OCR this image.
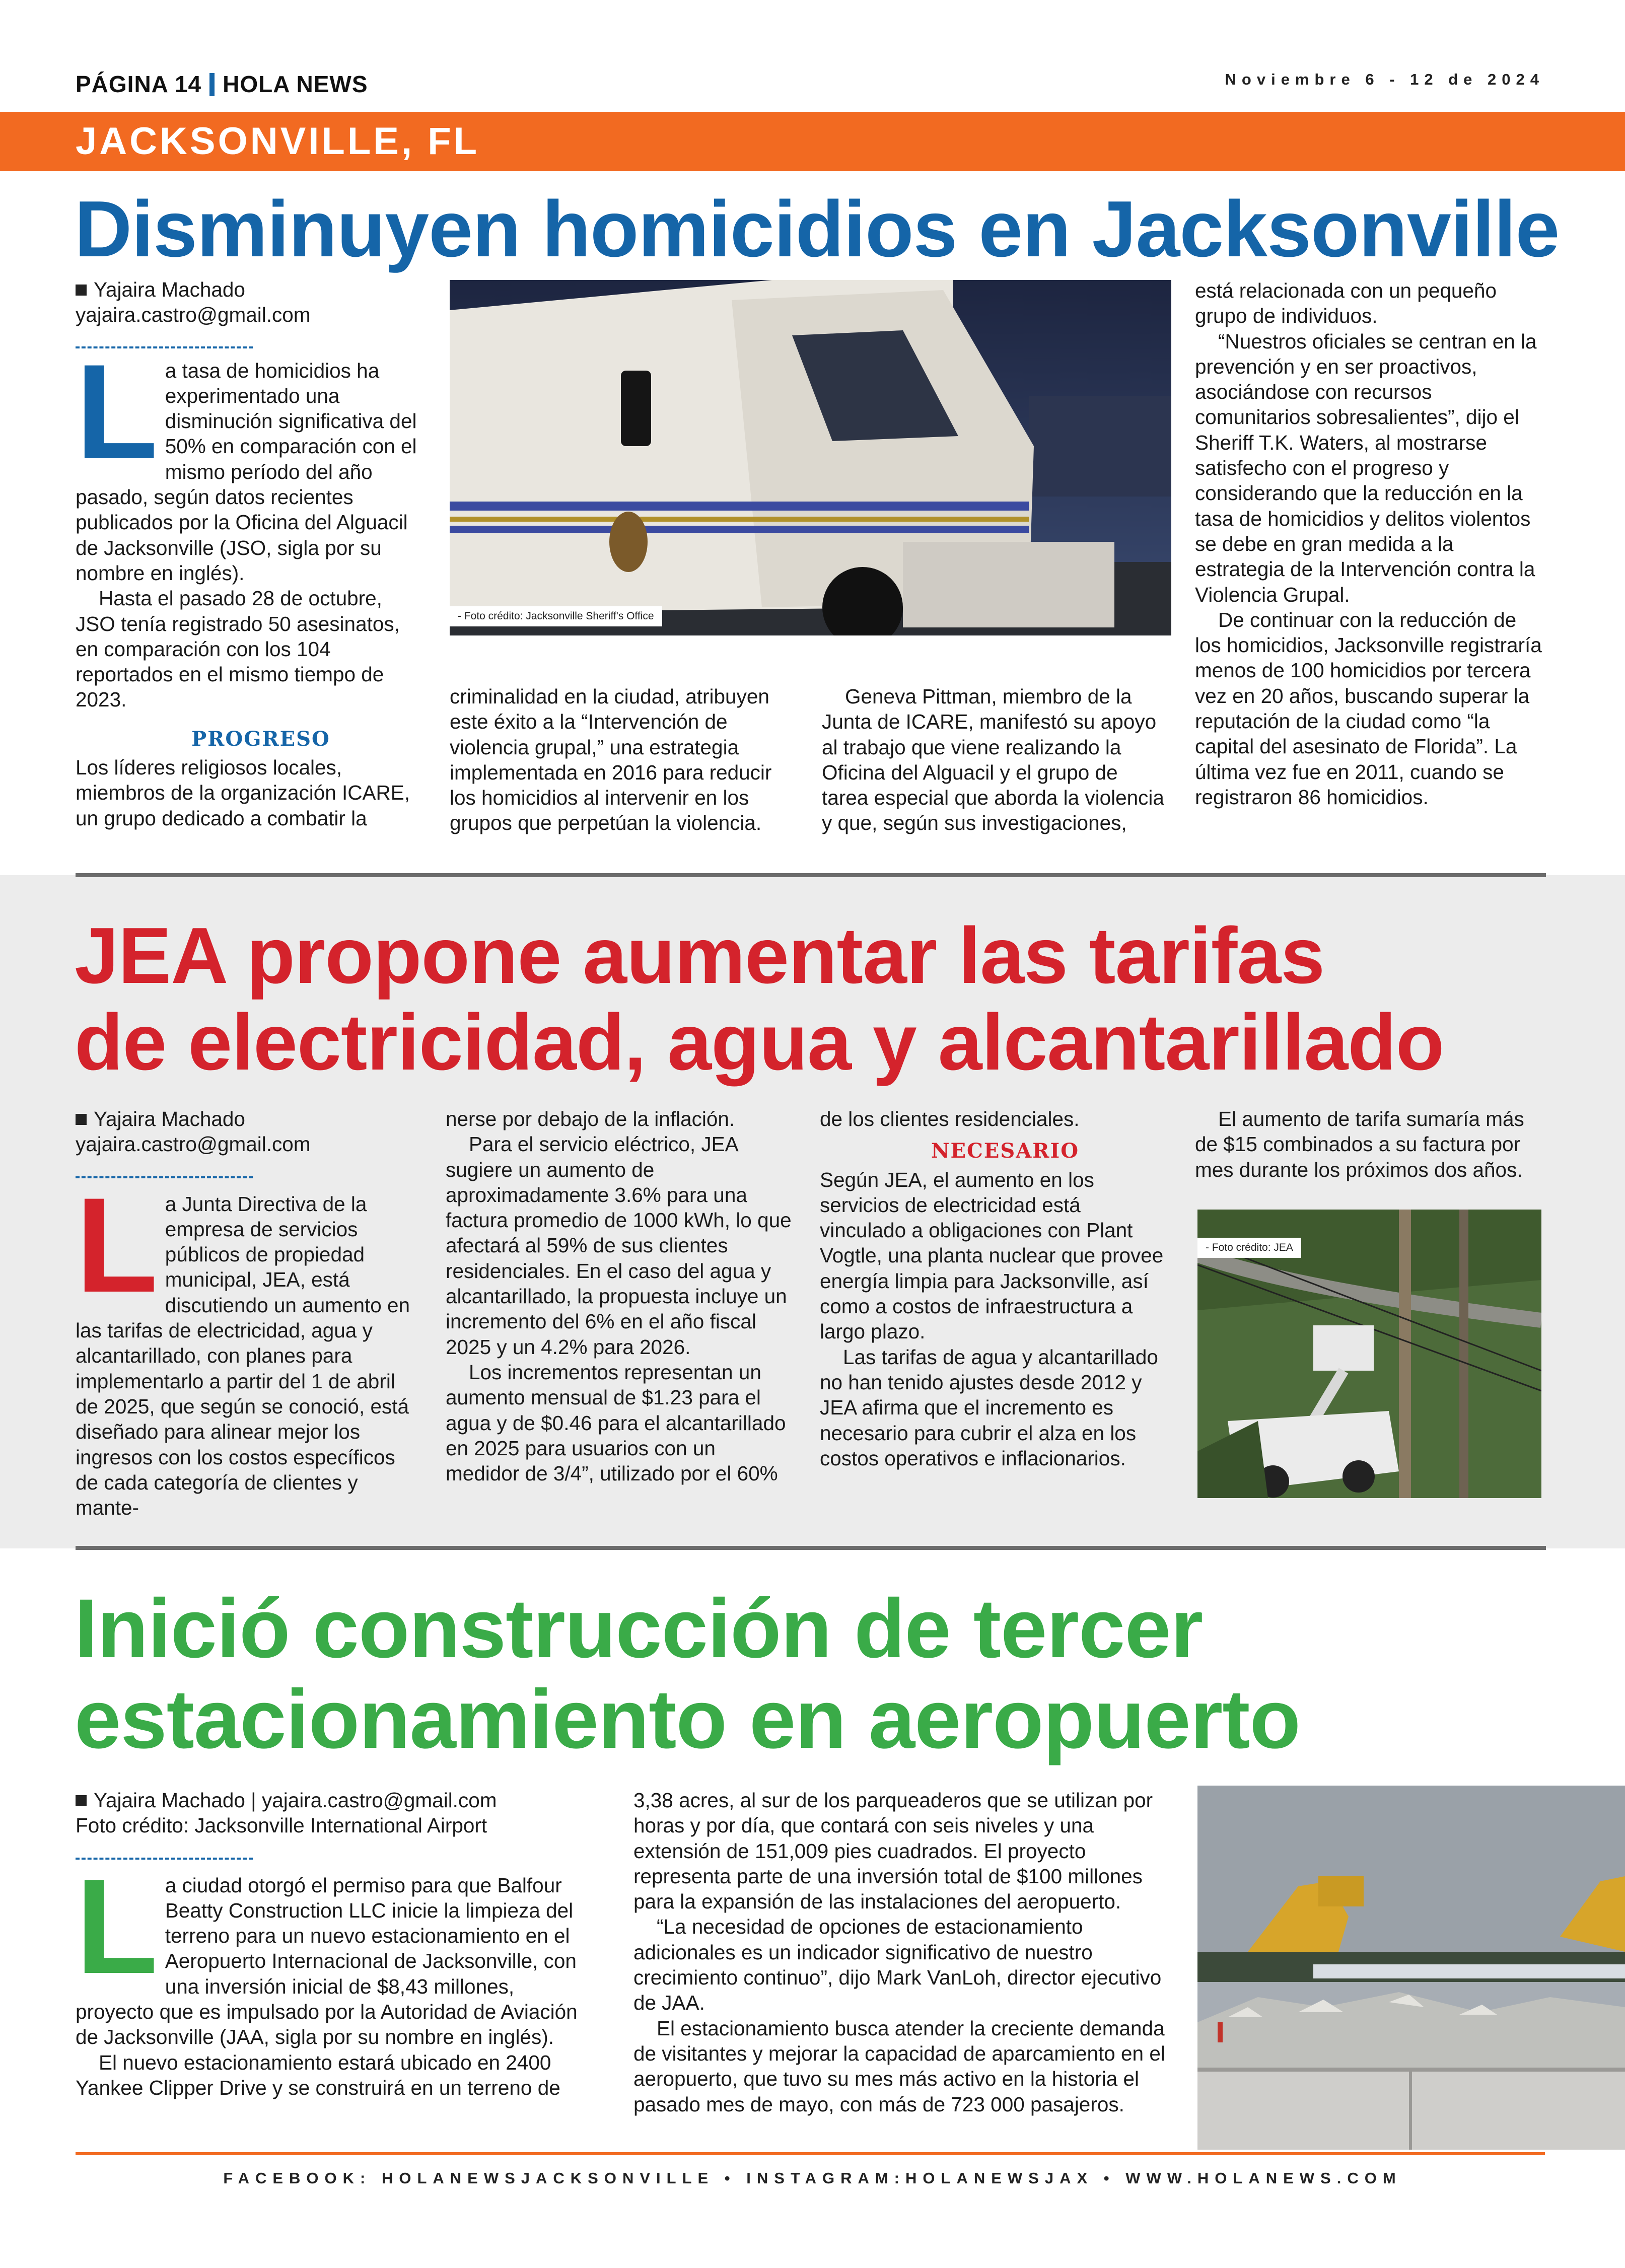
PÁGINA 14 HOLA NEWS	Noviembre 6 - 12 de 2024
JACKSONVILLE, FL
Disminuyen homicidios en Jacksonville
Yajaira Machado
yajaira.castro@gmail.com

La tasa de homicidios ha experimentado una disminución significativa del 50% en comparación con el mismo período del año pasado, según datos recientes publicados por la Oficina del Alguacil de Jacksonville (JSO, sigla por su nombre en inglés).

Hasta el pasado 28 de octubre, JSO tenía registrado 50 asesinatos, en comparación con los 104 reportados en el mismo tiempo de 2023.

PROGRESO

Los líderes religiosos locales, miembros de la organización ICARE, un grupo dedicado a combatir la

- Foto crédito: Jacksonville Sheriff's Office

criminalidad en la ciudad, atribuyen este éxito a la “Intervención de violencia grupal,” una estrategia implementada en 2016 para reducir los homicidios al intervenir en los grupos que perpetúan la violencia.

Geneva Pittman, miembro de la Junta de ICARE, manifestó su apoyo al trabajo que viene realizando la Oficina del Alguacil y el grupo de tarea especial que aborda la violencia y que, según sus investigaciones,

está relacionada con un pequeño grupo de individuos.

“Nuestros oficiales se centran en la prevención y en ser proactivos, asociándose con recursos comunitarios sobresalientes”, dijo el Sheriff T.K. Waters, al mostrarse satisfecho con el progreso y considerando que la reducción en la tasa de homicidios y delitos violentos se debe en gran medida a la estrategia de la Intervención contra la Violencia Grupal.

De continuar con la reducción de los homicidios, Jacksonville registraría menos de 100 homicidios por tercera vez en 20 años, buscando superar la reputación de la ciudad como “la capital del asesinato de Florida”. La última vez fue en 2011, cuando se registraron 86 homicidios.

JEA propone aumentar las tarifas
de electricidad, agua y alcantarillado
Yajaira Machado
yajaira.castro@gmail.com

La Junta Directiva de la empresa de servicios públicos de propiedad municipal, JEA, está discutiendo un aumento en las tarifas de electricidad, agua y alcantarillado, con planes para implementarlo a partir del 1 de abril de 2025, que según se conoció, está diseñado para alinear mejor los ingresos con los costos específicos de cada categoría de clientes y mante-

nerse por debajo de la inflación.

Para el servicio eléctrico, JEA sugiere un aumento de aproximadamente 3.6% para una factura promedio de 1000 kWh, lo que afectará al 59% de sus clientes residenciales. En el caso del agua y alcantarillado, la propuesta incluye un incremento del 6% en el año fiscal 2025 y un 4.2% para 2026.

Los incrementos representan un aumento mensual de $1.23 para el agua y de $0.46 para el alcantarillado en 2025 para usuarios con un medidor de 3/4”, utilizado por el 60%

de los clientes residenciales.

NECESARIO

Según JEA, el aumento en los servicios de electricidad está vinculado a obligaciones con Plant Vogtle, una planta nuclear que provee energía limpia para Jacksonville, así como a costos de infraestructura a largo plazo.

Las tarifas de agua y alcantarillado no han tenido ajustes desde 2012 y JEA afirma que el incremento es necesario para cubrir el alza en los costos operativos e inflacionarios.

El aumento de tarifa sumaría más de $15 combinados a su factura por mes durante los próximos dos años.

- Foto crédito: JEA
Inició construcción de tercer
estacionamiento en aeropuerto
Yajaira Machado | yajaira.castro@gmail.com
Foto crédito: Jacksonville International Airport

La ciudad otorgó el permiso para que Balfour Beatty Construction LLC inicie la limpieza del terreno para un nuevo estacionamiento en el Aeropuerto Internacional de Jacksonville, con una inversión inicial de $8,43 millones, proyecto que es impulsado por la Autoridad de Aviación de Jacksonville (JAA, sigla por su nombre en inglés).

El nuevo estacionamiento estará ubicado en 2400 Yankee Clipper Drive y se construirá en un terreno de

3,38 acres, al sur de los parqueaderos que se utilizan por horas y por día, que contará con seis niveles y una extensión de 151,009 pies cuadrados. El proyecto representa parte de una inversión total de $100 millones para la expansión de las instalaciones del aeropuerto.

“La necesidad de opciones de estacionamiento adicionales es un indicador significativo de nuestro crecimiento continuo”, dijo Mark VanLoh, director ejecutivo de JAA.

El estacionamiento busca atender la creciente demanda de visitantes y mejorar la capacidad de aparcamiento en el aeropuerto, que tuvo su mes más activo en la historia el pasado mes de mayo, con más de 723 000 pasajeros.

FACEBOOK: HOLANEWSJACKSONVILLE • INSTAGRAM:HOLANEWSJAX • WWW.HOLANEWS.COM
